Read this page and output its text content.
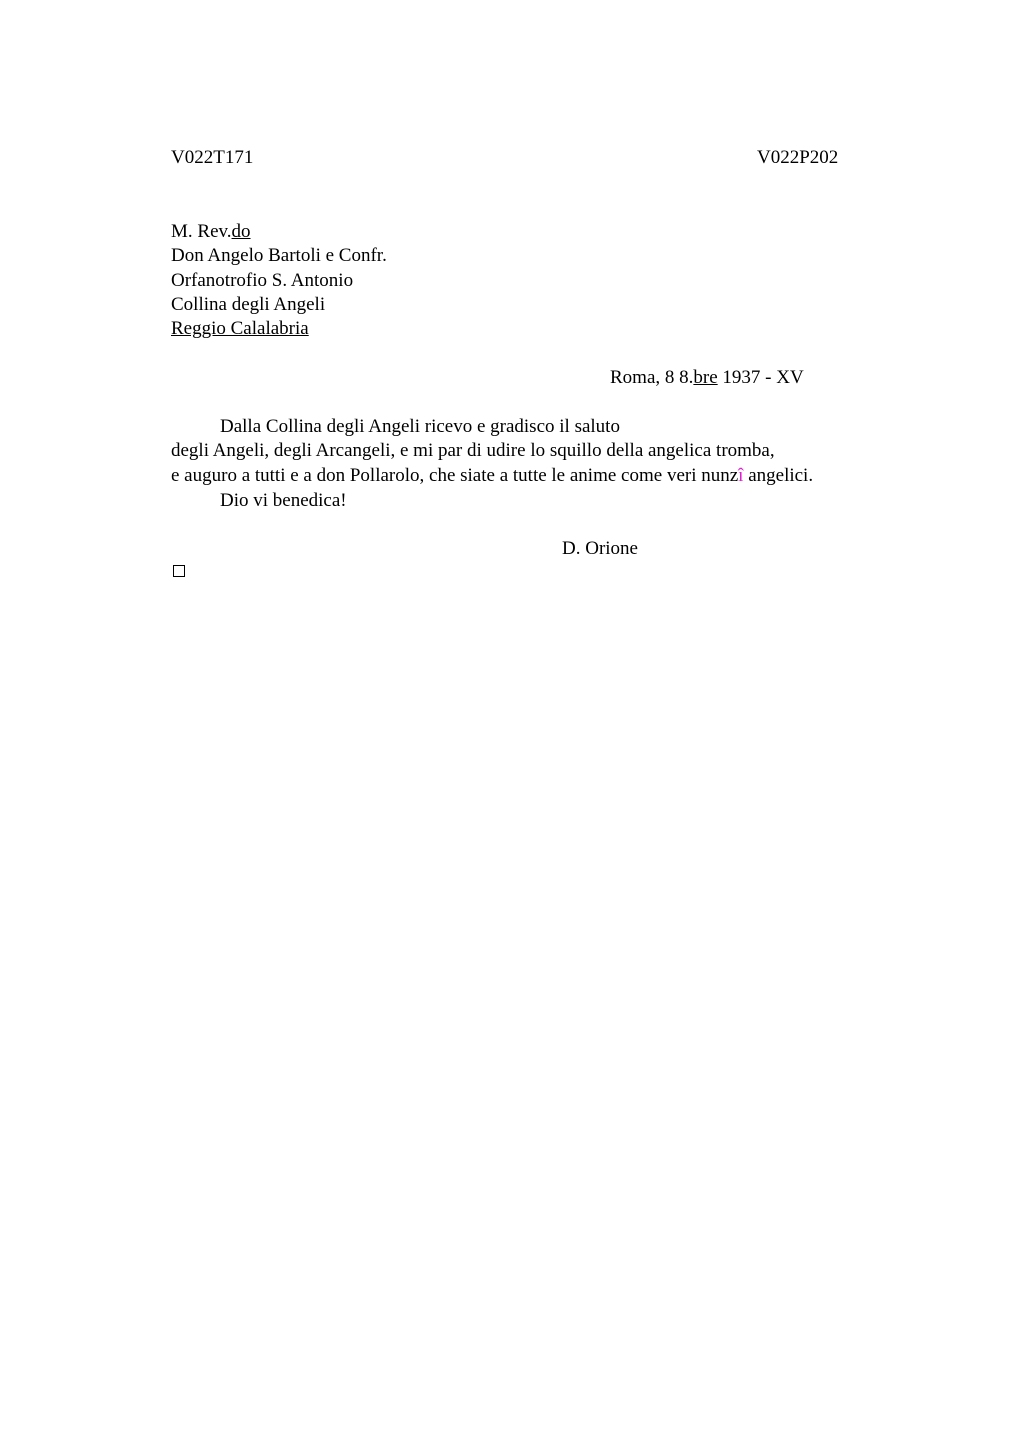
V022T171	V022P202
M. Rev.do
Don Angelo Bartoli e Confr.
Orfanotrofio S. Antonio
Collina degli Angeli
Reggio Calalabria
Roma, 8 8.bre 1937 - XV
Dalla Collina degli Angeli ricevo e gradisco il saluto
degli Angeli, degli Arcangeli, e mi par di udire lo squillo della angelica tromba,
e auguro a tutti e a don Pollarolo, che siate a tutte le anime come veri nunzî angelici.
Dio vi benedica!
D. Orione
